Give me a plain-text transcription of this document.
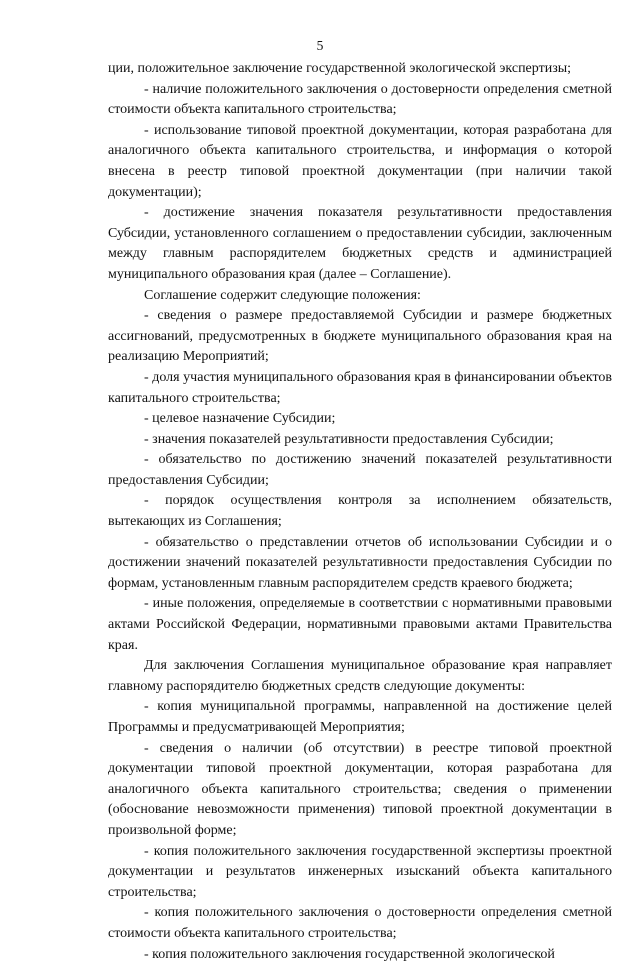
5

ции, положительное заключение государственной экологической экспертизы;

- наличие положительного заключения о достоверности определения сметной стоимости объекта капитального строительства;

- использование типовой проектной документации, которая разработана для аналогичного объекта капитального строительства, и информация о которой внесена в реестр типовой проектной документации (при наличии такой документации);

- достижение значения показателя результативности предоставления Субсидии, установленного соглашением о предоставлении субсидии, заключенным между главным распорядителем бюджетных средств и администрацией муниципального образования края (далее – Соглашение).

Соглашение содержит следующие положения:

- сведения о размере предоставляемой Субсидии и размере бюджетных ассигнований, предусмотренных в бюджете муниципального образования края на реализацию Мероприятий;

- доля участия муниципального образования края в финансировании объектов капитального строительства;

- целевое назначение Субсидии;

- значения показателей результативности предоставления Субсидии;

- обязательство по достижению значений показателей результативности предоставления Субсидии;

- порядок осуществления контроля за исполнением обязательств, вытекающих из Соглашения;

- обязательство о представлении отчетов об использовании Субсидии и о достижении значений показателей результативности предоставления Субсидии по формам, установленным главным распорядителем средств краевого бюджета;

- иные положения, определяемые в соответствии с нормативными правовыми актами Российской Федерации, нормативными правовыми актами Правительства края.

Для заключения Соглашения муниципальное образование края направляет главному распорядителю бюджетных средств следующие документы:

- копия муниципальной программы, направленной на достижение целей Программы и предусматривающей Мероприятия;

- сведения о наличии (об отсутствии) в реестре типовой проектной документации типовой проектной документации, которая разработана для аналогичного объекта капитального строительства; сведения о применении (обоснование невозможности применения) типовой проектной документации в произвольной форме;

- копия положительного заключения государственной экспертизы проектной документации и результатов инженерных изысканий объекта капитального строительства;

- копия положительного заключения о достоверности определения сметной стоимости объекта капитального строительства;

- копия положительного заключения государственной экологической
